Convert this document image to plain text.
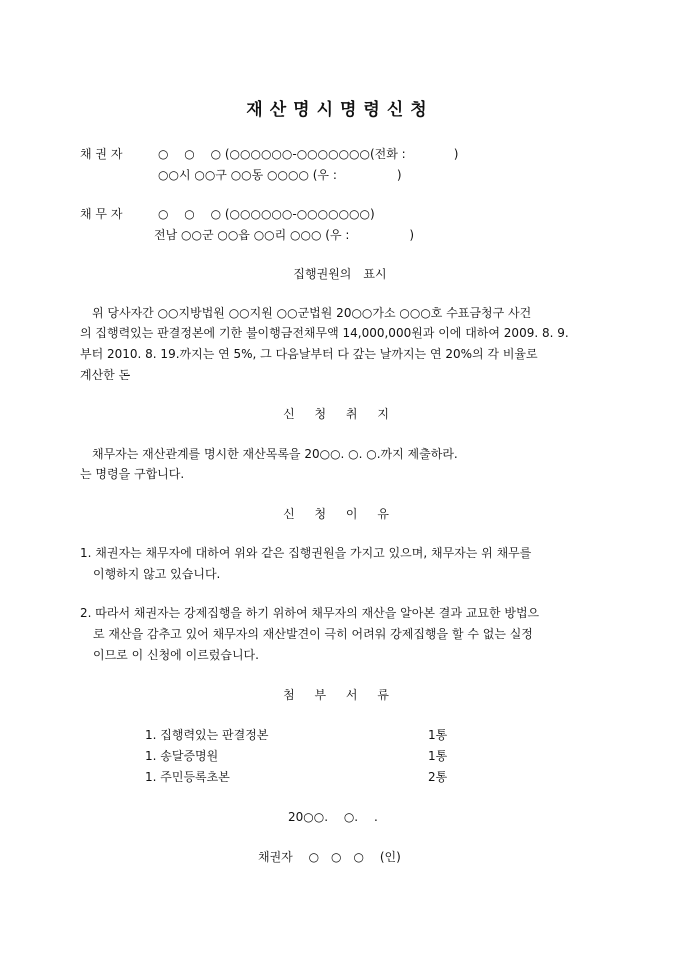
재산명시명령신청
채 권 자	○　 ○　 ○ (○○○○○○-○○○○○○○(전화 :　　　　)
○○시 ○○구 ○○동 ○○○○ (우 :　　　　　)
채 무 자	○　 ○　 ○ (○○○○○○-○○○○○○○)
전남 ○○군 ○○읍 ○○리 ○○○ (우 :　　　　　)
집행권원의　표시
위 당사자간 ○○지방법원 ○○지원 ○○군법원 20○○가소 ○○○호 수표금청구 사건
의 집행력있는 판결정본에 기한 불이행금전채무액 14,000,000원과 이에 대하여 2009. 8. 9.
부터 2010. 8. 19.까지는 연 5%, 그 다음날부터 다 갚는 날까지는 연 20%의 각 비율로
계산한 돈
신 청 취 지
채무자는 재산관계를 명시한 재산목록을 20○○. ○. ○.까지 제출하라.
는 명령을 구합니다.
신 청 이 유
1. 채권자는 채무자에 대하여 위와 같은 집행권원을 가지고 있으며, 채무자는 위 채무를
이행하지 않고 있습니다.
2. 따라서 채권자는 강제집행을 하기 위하여 채무자의 재산을 알아본 결과 교묘한 방법으
로 재산을 감추고 있어 채무자의 재산발견이 극히 어려워 강제집행을 할 수 없는 실정
이므로 이 신청에 이르렀습니다.
첨 부 서 류
1. 집행력있는 판결정본	1통
1. 송달증명원	1통
1. 주민등록초본	2통
20○○.　 ○.　 .
채권자　 ○　○　○　 (인)
